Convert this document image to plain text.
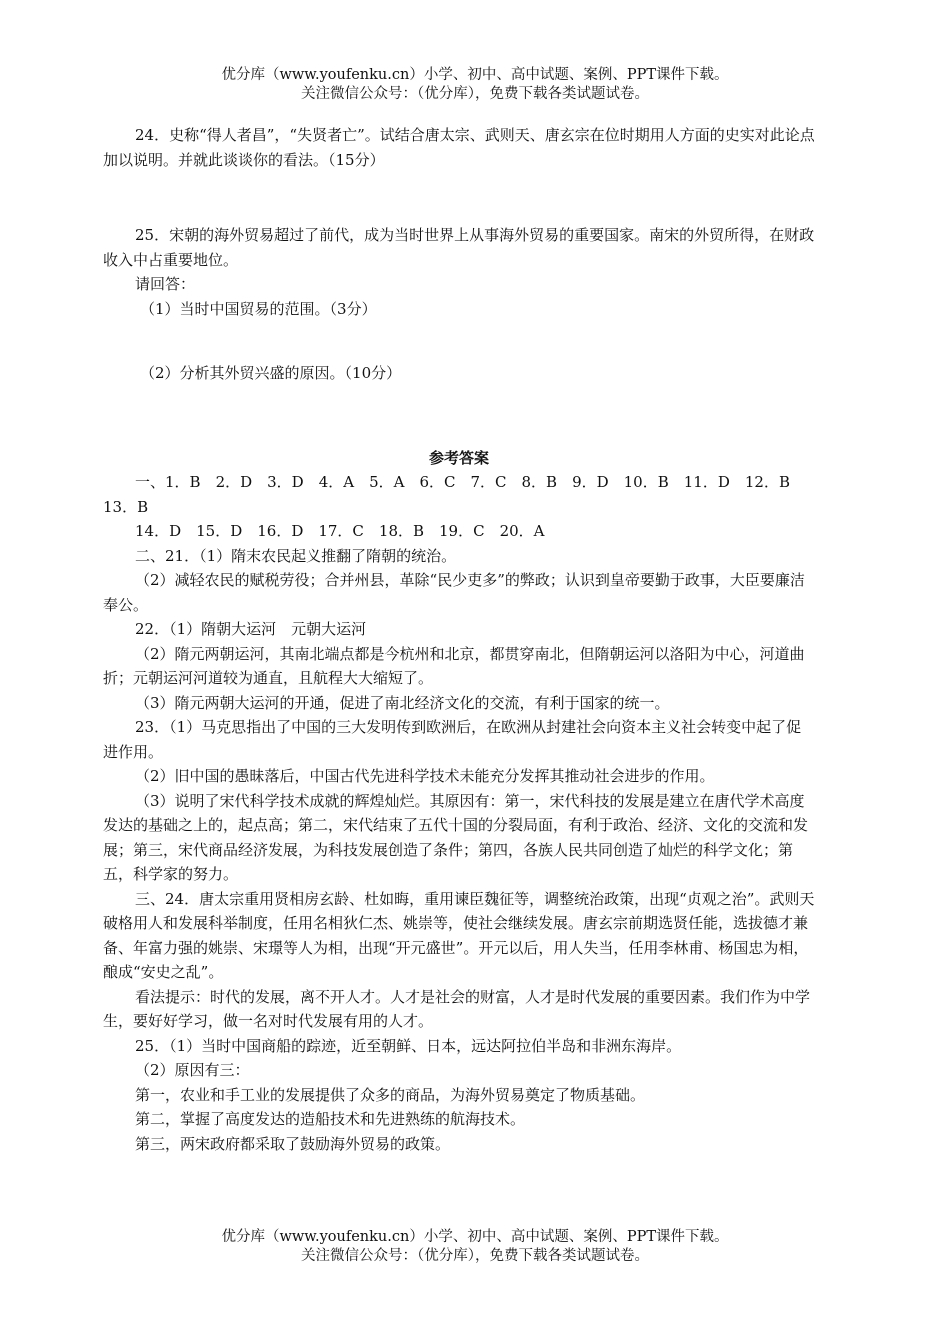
优分库（www.youfenku.cn）小学、初中、高中试题、案例、PPT课件下载。
关注微信公众号：（优分库），免费下载各类试题试卷。

24．史称“得人者昌”，“失贤者亡”。试结合唐太宗、武则天、唐玄宗在位时期用人方面的史实对此论点加以说明。并就此谈谈你的看法。（15分）

25．宋朝的海外贸易超过了前代，成为当时世界上从事海外贸易的重要国家。南宋的外贸所得，在财政收入中占重要地位。

请回答：

（1）当时中国贸易的范围。（3分）

（2）分析其外贸兴盛的原因。（10分）

参考答案

一、1．B　2．D　3．D　4．A　5．A　6．C　7．C　8．B　9．D　10．B　11．D　12．B　13．B

14．D　15．D　16．D　17．C　18．B　19．C　20．A

二、21．（1）隋末农民起义推翻了隋朝的统治。

（2）减轻农民的赋税劳役；合并州县，革除“民少吏多”的弊政；认识到皇帝要勤于政事，大臣要廉洁奉公。

22．（1）隋朝大运河　元朝大运河

（2）隋元两朝运河，其南北端点都是今杭州和北京，都贯穿南北，但隋朝运河以洛阳为中心，河道曲折；元朝运河河道较为通直，且航程大大缩短了。

（3）隋元两朝大运河的开通，促进了南北经济文化的交流，有利于国家的统一。

23．（1）马克思指出了中国的三大发明传到欧洲后，在欧洲从封建社会向资本主义社会转变中起了促进作用。

（2）旧中国的愚昧落后，中国古代先进科学技术未能充分发挥其推动社会进步的作用。

（3）说明了宋代科学技术成就的辉煌灿烂。其原因有：第一，宋代科技的发展是建立在唐代学术高度发达的基础之上的，起点高；第二，宋代结束了五代十国的分裂局面，有利于政治、经济、文化的交流和发展；第三，宋代商品经济发展，为科技发展创造了条件；第四，各族人民共同创造了灿烂的科学文化；第五，科学家的努力。

三、24．唐太宗重用贤相房玄龄、杜如晦，重用谏臣魏征等，调整统治政策，出现“贞观之治”。武则天破格用人和发展科举制度，任用名相狄仁杰、姚崇等，使社会继续发展。唐玄宗前期选贤任能，选拔德才兼备、年富力强的姚崇、宋璟等人为相，出现“开元盛世”。开元以后，用人失当，任用李林甫、杨国忠为相，酿成“安史之乱”。

看法提示：时代的发展，离不开人才。人才是社会的财富，人才是时代发展的重要因素。我们作为中学生，要好好学习，做一名对时代发展有用的人才。

25．（1）当时中国商船的踪迹，近至朝鲜、日本，远达阿拉伯半岛和非洲东海岸。

（2）原因有三：

第一，农业和手工业的发展提供了众多的商品，为海外贸易奠定了物质基础。

第二，掌握了高度发达的造船技术和先进熟练的航海技术。

第三，两宋政府都采取了鼓励海外贸易的政策。

优分库（www.youfenku.cn）小学、初中、高中试题、案例、PPT课件下载。
关注微信公众号：（优分库），免费下载各类试题试卷。
